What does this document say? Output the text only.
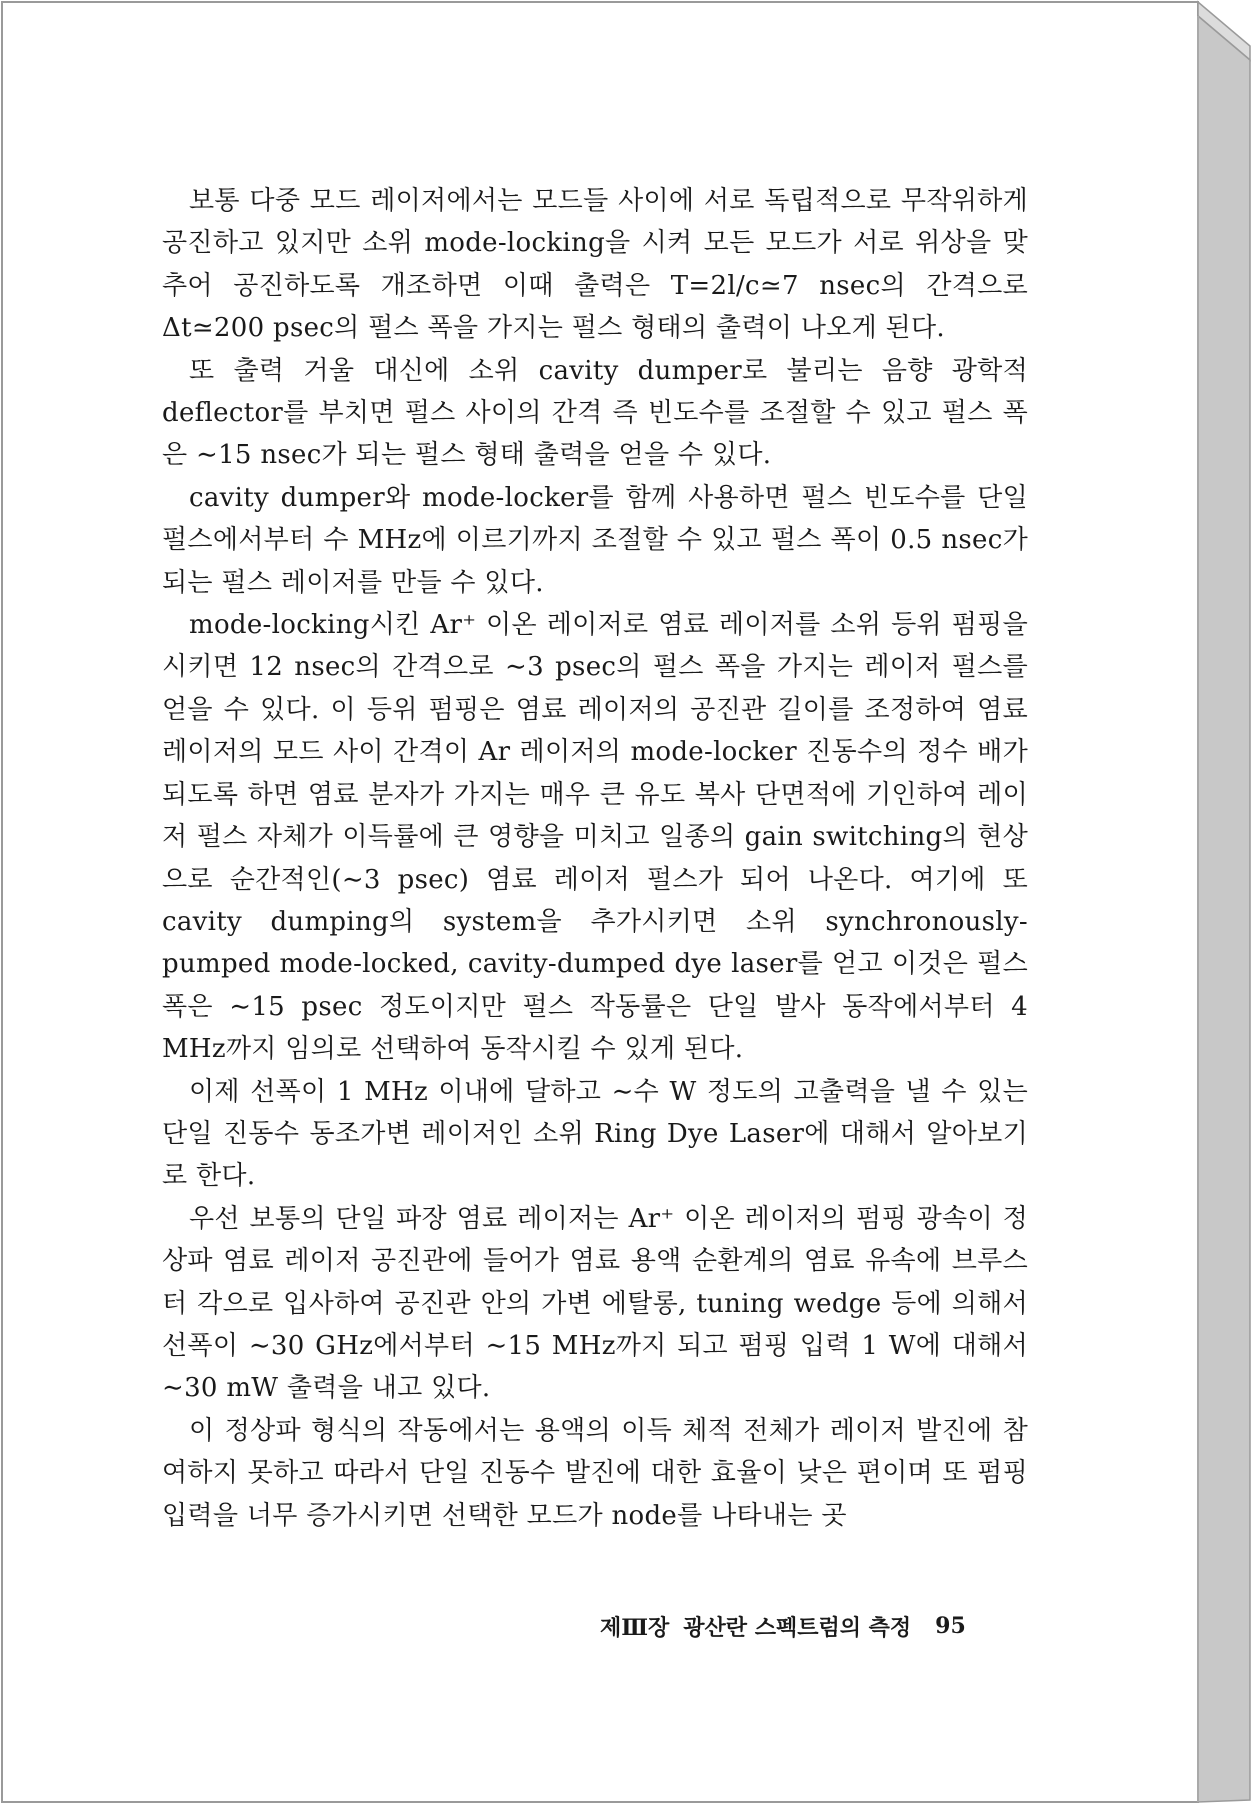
보통 다중 모드 레이저에서는 모드들 사이에 서로 독립적으로 무작위하게 공진하고 있지만 소위 mode-locking을 시켜 모든 모드가 서로 위상을 맞추어 공진하도록 개조하면 이때 출력은 T=2l/c≃7 nsec의 간격으로 Δt≃200 psec의 펄스 폭을 가지는 펄스 형태의 출력이 나오게 된다.

또 출력 거울 대신에 소위 cavity dumper로 불리는 음향 광학적 deflector를 부치면 펄스 사이의 간격 즉 빈도수를 조절할 수 있고 펄스 폭은 ∼15 nsec가 되는 펄스 형태 출력을 얻을 수 있다.

cavity dumper와 mode-locker를 함께 사용하면 펄스 빈도수를 단일 펄스에서부터 수 MHz에 이르기까지 조절할 수 있고 펄스 폭이 0.5 nsec가 되는 펄스 레이저를 만들 수 있다.

mode-locking시킨 Ar⁺ 이온 레이저로 염료 레이저를 소위 등위 펌핑을 시키면 12 nsec의 간격으로 ∼3 psec의 펄스 폭을 가지는 레이저 펄스를 얻을 수 있다. 이 등위 펌핑은 염료 레이저의 공진관 길이를 조정하여 염료 레이저의 모드 사이 간격이 Ar 레이저의 mode-locker 진동수의 정수 배가 되도록 하면 염료 분자가 가지는 매우 큰 유도 복사 단면적에 기인하여 레이저 펄스 자체가 이득률에 큰 영향을 미치고 일종의 gain switching의 현상으로 순간적인(∼3 psec) 염료 레이저 펄스가 되어 나온다. 여기에 또 cavity dumping의 system을 추가시키면 소위 synchronously-pumped mode-locked, cavity-dumped dye laser를 얻고 이것은 펄스 폭은 ∼15 psec 정도이지만 펄스 작동률은 단일 발사 동작에서부터 4 MHz까지 임의로 선택하여 동작시킬 수 있게 된다.

이제 선폭이 1 MHz 이내에 달하고 ∼수 W 정도의 고출력을 낼 수 있는 단일 진동수 동조가변 레이저인 소위 Ring Dye Laser에 대해서 알아보기로 한다.

우선 보통의 단일 파장 염료 레이저는 Ar⁺ 이온 레이저의 펌핑 광속이 정상파 염료 레이저 공진관에 들어가 염료 용액 순환계의 염료 유속에 브루스터 각으로 입사하여 공진관 안의 가변 에탈롱, tuning wedge 등에 의해서 선폭이 ∼30 GHz에서부터 ∼15 MHz까지 되고 펌핑 입력 1 W에 대해서 ∼30 mW 출력을 내고 있다.

이 정상파 형식의 작동에서는 용액의 이득 체적 전체가 레이저 발진에 참여하지 못하고 따라서 단일 진동수 발진에 대한 효율이 낮은 편이며 또 펌핑 입력을 너무 증가시키면 선택한 모드가 node를 나타내는 곳

제Ⅲ장 광산란 스펙트럼의 측정 95
